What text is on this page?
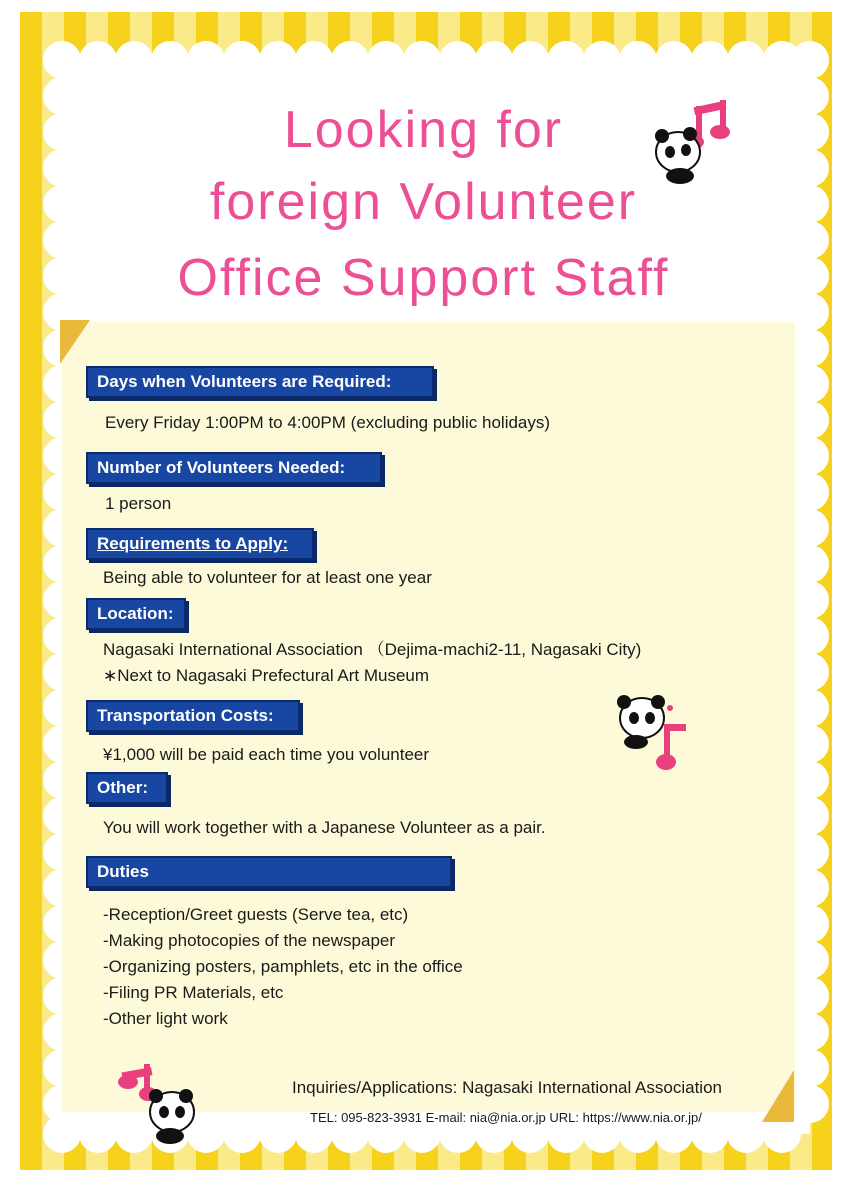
Looking for
foreign Volunteer
Office Support Staff
Days when Volunteers are Required:
Every Friday 1:00PM to 4:00PM (excluding public holidays)
Number of Volunteers Needed:
1 person
Requirements to Apply:
Being able to volunteer for at least one year
Location:
Nagasaki International Association （Dejima-machi2-11, Nagasaki City)
∗Next to Nagasaki Prefectural Art Museum
Transportation Costs:
¥1,000 will be paid each time you volunteer
Other:
You will work together with a Japanese Volunteer as a pair.
Duties
-Reception/Greet guests (Serve tea, etc)
-Making photocopies of the newspaper
-Organizing posters, pamphlets, etc in the office
-Filing PR Materials, etc
-Other light work
Inquiries/Applications: Nagasaki International Association
TEL: 095-823-3931 E-mail: nia@nia.or.jp URL: https://www.nia.or.jp/
